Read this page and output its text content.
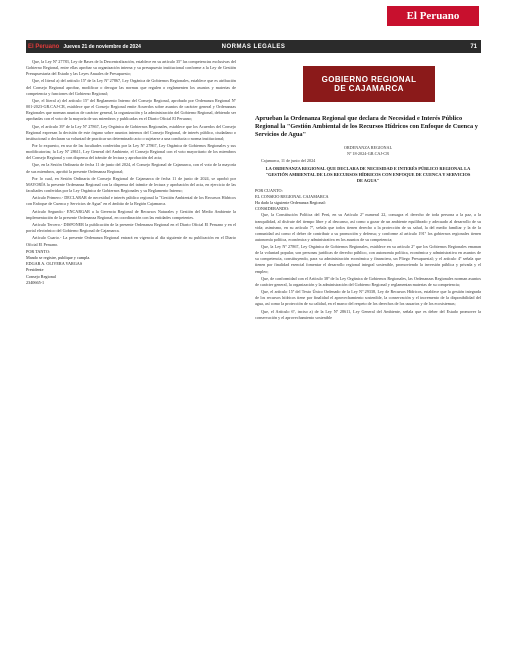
El Peruano
El Peruano Jueves 21 de noviembre de 2024	NORMAS LEGALES	71

Que, la Ley Nº 27783, Ley de Bases de la Descentralización, establece en su artículo 35º las competencias exclusivas del Gobierno Regional, entre ellas aprobar su organización interna y su presupuesto institucional conforme a la Ley de Gestión Presupuestaria del Estado y las Leyes Anuales de Presupuesto;

Que, el literal a) del artículo 15º de la Ley Nº 27867, Ley Orgánica de Gobiernos Regionales, establece que es atribución del Consejo Regional aprobar, modificar o derogar las normas que regulen o reglamenten los asuntos y materias de competencia y funciones del Gobierno Regional;

Que, el literal a) del artículo 15º del Reglamento Interno del Consejo Regional, aprobado por Ordenanza Regional Nº 001-2023-GR.CAJ-CR, establece que el Consejo Regional emite Acuerdos sobre asuntos de carácter general y Ordenanzas Regionales que norman asuntos de carácter general, la organización y la administración del Gobierno Regional, debiendo ser aprobadas con el voto de la mayoría de sus miembros y publicadas en el Diario Oficial El Peruano;

Que, el artículo 39º de la Ley Nº 27867, Ley Orgánica de Gobiernos Regionales, establece que los Acuerdos del Consejo Regional expresan la decisión de este órgano sobre asuntos internos del Consejo Regional, de interés público, ciudadano o institucional o declaran su voluntad de practicar un determinado acto o sujetarse a una conducta o norma institucional;

Por lo expuesto, en uso de las facultades conferidas por la Ley Nº 27867, Ley Orgánica de Gobiernos Regionales y sus modificatorias; la Ley Nº 28611, Ley General del Ambiente, el Consejo Regional con el voto mayoritario de los miembros del Consejo Regional y con dispensa del trámite de lectura y aprobación del acta;

Que, en la Sesión Ordinaria de fecha 11 de junio del 2024, el Consejo Regional de Cajamarca, con el voto de la mayoría de sus miembros, aprobó la presente Ordenanza Regional;

Por lo cual, en Sesión Ordinaria de Consejo Regional de Cajamarca de fecha 11 de junio de 2024, se aprobó por MAYORÍA la presente Ordenanza Regional con la dispensa del trámite de lectura y aprobación del acta, en ejercicio de las facultades conferidas por la Ley Orgánica de Gobiernos Regionales y su Reglamento Interno;

Artículo Primero.- DECLARAR de necesidad e interés público regional la "Gestión Ambiental de los Recursos Hídricos con Enfoque de Cuenca y Servicios de Agua" en el ámbito de la Región Cajamarca.

Artículo Segundo.- ENCARGAR a la Gerencia Regional de Recursos Naturales y Gestión del Medio Ambiente la implementación de la presente Ordenanza Regional, en coordinación con las entidades competentes.

Artículo Tercero.- DISPONER la publicación de la presente Ordenanza Regional en el Diario Oficial El Peruano y en el portal electrónico del Gobierno Regional de Cajamarca.

Artículo Cuarto.- La presente Ordenanza Regional entrará en vigencia al día siguiente de su publicación en el Diario Oficial El Peruano.

POR TANTO:

Mando se registre, publique y cumpla.

EDGAR A. OLIVERA VARGAS

Presidente

Consejo Regional

2340665-1

GOBIERNO REGIONAL
DE CAJAMARCA

Aprueban la Ordenanza Regional que declara de Necesidad e Interés Público Regional la "Gestión Ambiental de los Recursos Hídricos con Enfoque de Cuenca y Servicios de Agua"

ORDENANZA REGIONAL

Nº 18-2024-GR.CAJ-CR

Cajamarca, 11 de junio del 2024

LA ORDENANZA REGIONAL QUE DECLARA DE NECESIDAD E INTERÉS PÚBLICO REGIONAL LA "GESTIÓN AMBIENTAL DE LOS RECURSOS HÍDRICOS CON ENFOQUE DE CUENCA Y SERVICIOS DE AGUA"

POR CUANTO:

EL CONSEJO REGIONAL CAJAMARCA

Ha dado la siguiente Ordenanza Regional:

CONSIDERANDO:

Que, la Constitución Política del Perú, en su Artículo 2º numeral 22, consagra el derecho de toda persona a la paz, a la tranquilidad, al disfrute del tiempo libre y al descanso, así como a gozar de un ambiente equilibrado y adecuado al desarrollo de su vida; asimismo, en su artículo 7º, señala que todos tienen derecho a la protección de su salud, la del medio familiar y la de la comunidad así como el deber de contribuir a su promoción y defensa; y conforme al artículo 191º los gobiernos regionales tienen autonomía política, económica y administrativa en los asuntos de su competencia;

Que, la Ley Nº 27867, Ley Orgánica de Gobiernos Regionales, establece en su artículo 2º que los Gobiernos Regionales emanan de la voluntad popular, son personas jurídicas de derecho público, con autonomía política, económica y administrativa en asuntos de su competencia, constituyendo, para su administración económica y financiera, un Pliego Presupuestal; y el artículo 4º señala que tienen por finalidad esencial fomentar el desarrollo regional integral sostenible, promoviendo la inversión pública y privada y el empleo;

Que, de conformidad con el Artículo 38º de la Ley Orgánica de Gobiernos Regionales, las Ordenanzas Regionales norman asuntos de carácter general, la organización y la administración del Gobierno Regional y reglamentan materias de su competencia;

Que, el artículo 15º del Texto Único Ordenado de la Ley Nº 29338, Ley de Recursos Hídricos, establece que la gestión integrada de los recursos hídricos tiene por finalidad el aprovechamiento sostenible, la conservación y el incremento de la disponibilidad del agua, así como la protección de su calidad, en el marco del respeto de los derechos de los usuarios y de los ecosistemas;

Que, el Artículo 6º, inciso a) de la Ley Nº 28611, Ley General del Ambiente, señala que es deber del Estado promover la conservación y el aprovechamiento sostenible
